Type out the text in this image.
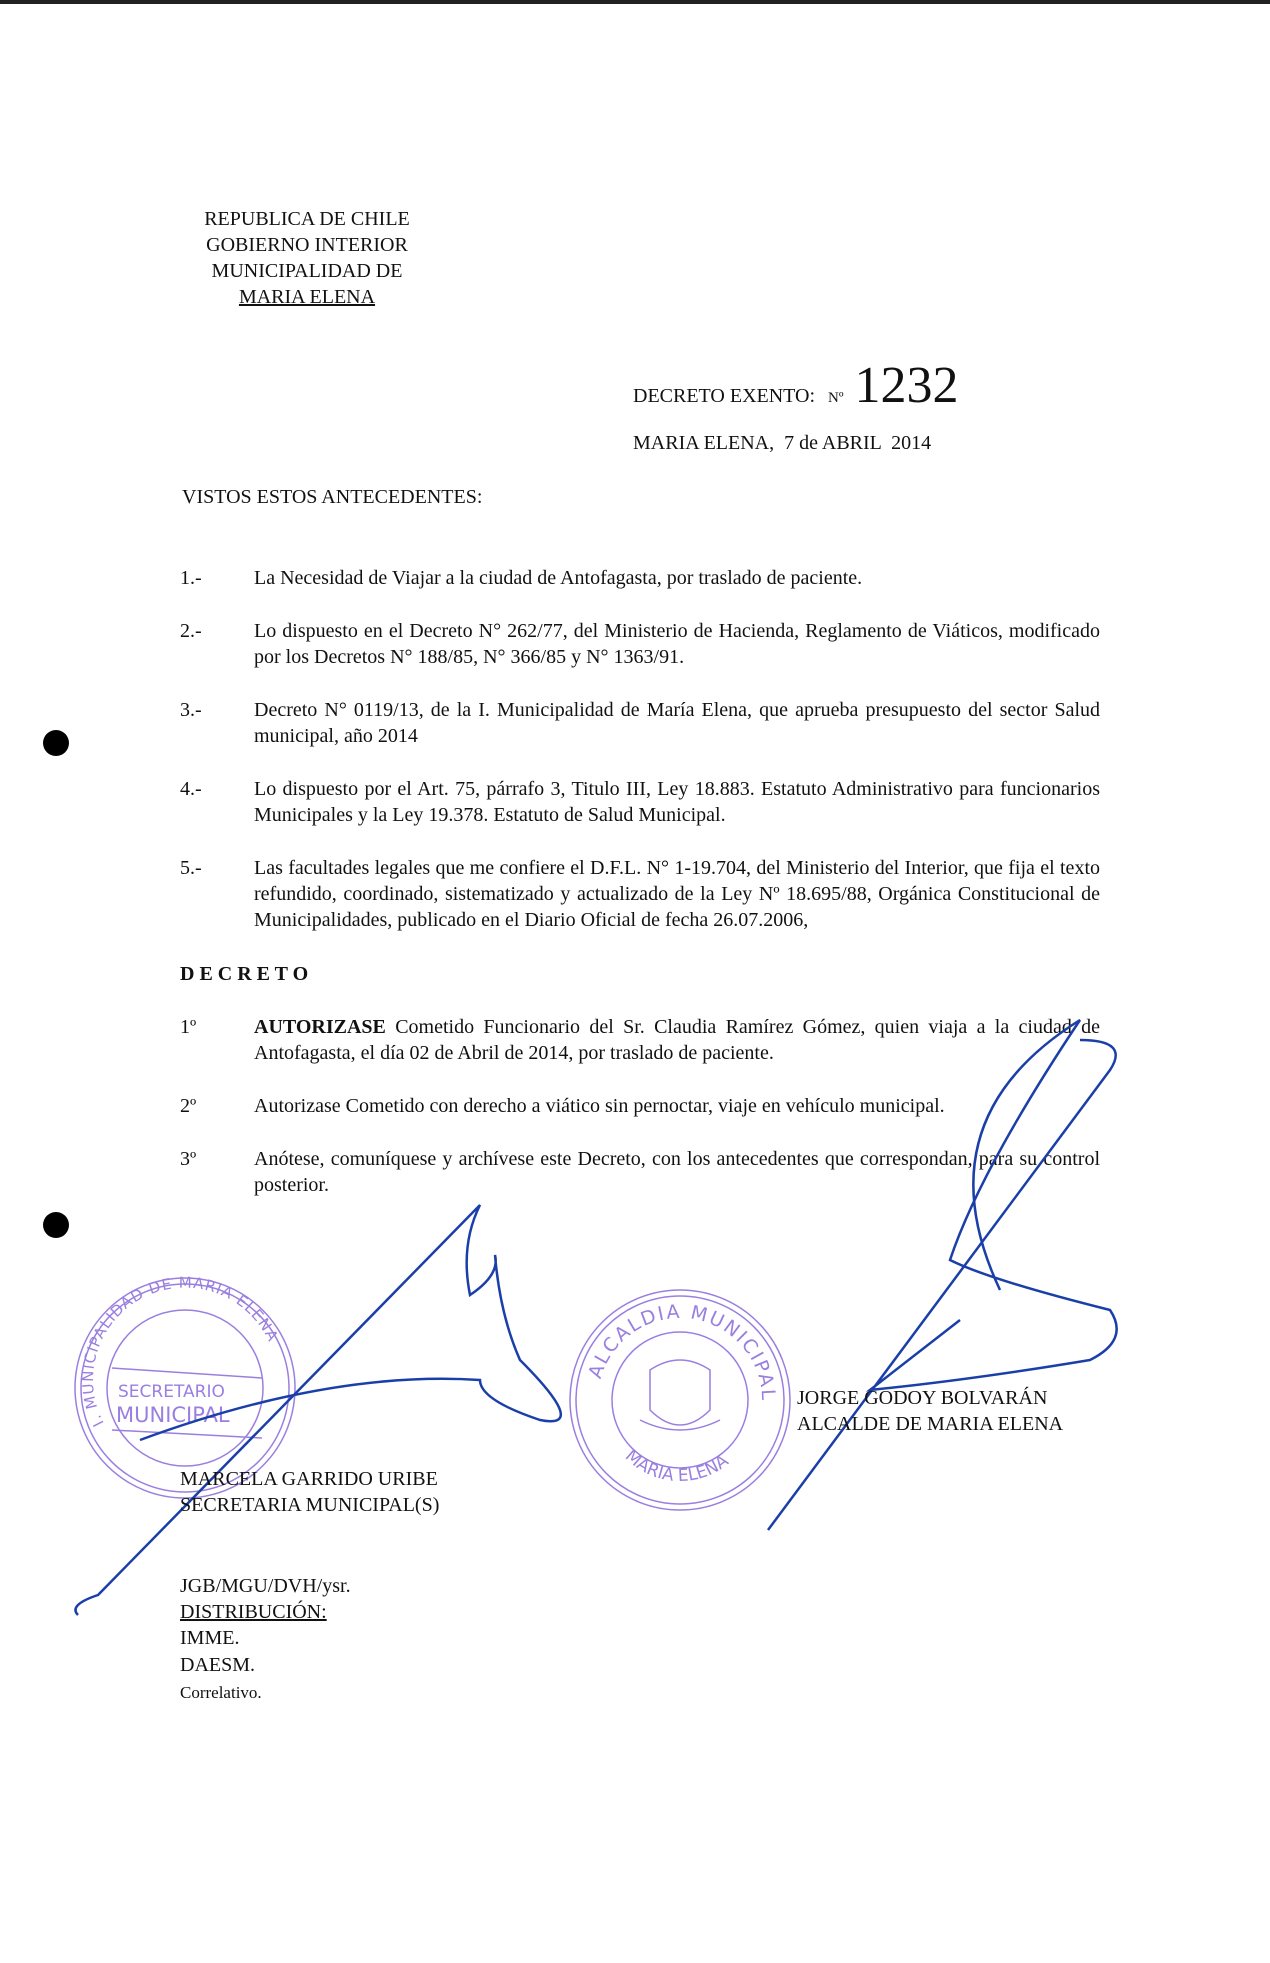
REPUBLICA DE CHILE
GOBIERNO INTERIOR
MUNICIPALIDAD DE
MARIA ELENA
DECRETO EXENTO: Nº 1232
MARIA ELENA,  7 de ABRIL  2014
VISTOS ESTOS ANTECEDENTES:
1.-	La Necesidad de Viajar a la ciudad de Antofagasta, por traslado de paciente.
2.-	Lo dispuesto en el Decreto N° 262/77, del Ministerio de Hacienda, Reglamento de Viáticos, modificado por los Decretos N° 188/85, N° 366/85 y N° 1363/91.
3.-	Decreto N° 0119/13, de la I. Municipalidad de María Elena, que aprueba presupuesto del sector Salud municipal, año 2014
4.-	Lo dispuesto por el Art. 75, párrafo 3, Titulo III, Ley 18.883. Estatuto Administrativo para funcionarios Municipales y la Ley 19.378. Estatuto de Salud Municipal.
5.-	Las facultades legales que me confiere el D.F.L. N° 1-19.704, del Ministerio del Interior, que fija el texto refundido, coordinado, sistematizado y actualizado de la Ley Nº 18.695/88, Orgánica Constitucional de Municipalidades, publicado en el Diario Oficial de fecha 26.07.2006,
D E C R E T O
1º	AUTORIZASE Cometido Funcionario del Sr. Claudia Ramírez Gómez, quien viaja a la ciudad de Antofagasta, el día 02 de Abril de 2014, por traslado de paciente.
2º	Autorizase Cometido con derecho a viático sin pernoctar, viaje en vehículo municipal.
3º	Anótese, comuníquese y archívese este Decreto, con los antecedentes que correspondan, para su control posterior.
I. MUNICIPALIDAD DE MARIA ELENA
SECRETARIO
MUNICIPAL
ALCALDIA MUNICIPAL
MARIA ELENA
MARCELA GARRIDO URIBE
SECRETARIA MUNICIPAL(S)
JORGE GODOY BOLVARÁN
ALCALDE DE MARIA ELENA
JGB/MGU/DVH/ysr.
DISTRIBUCIÓN:
IMME.
DAESM.
Correlativo.
